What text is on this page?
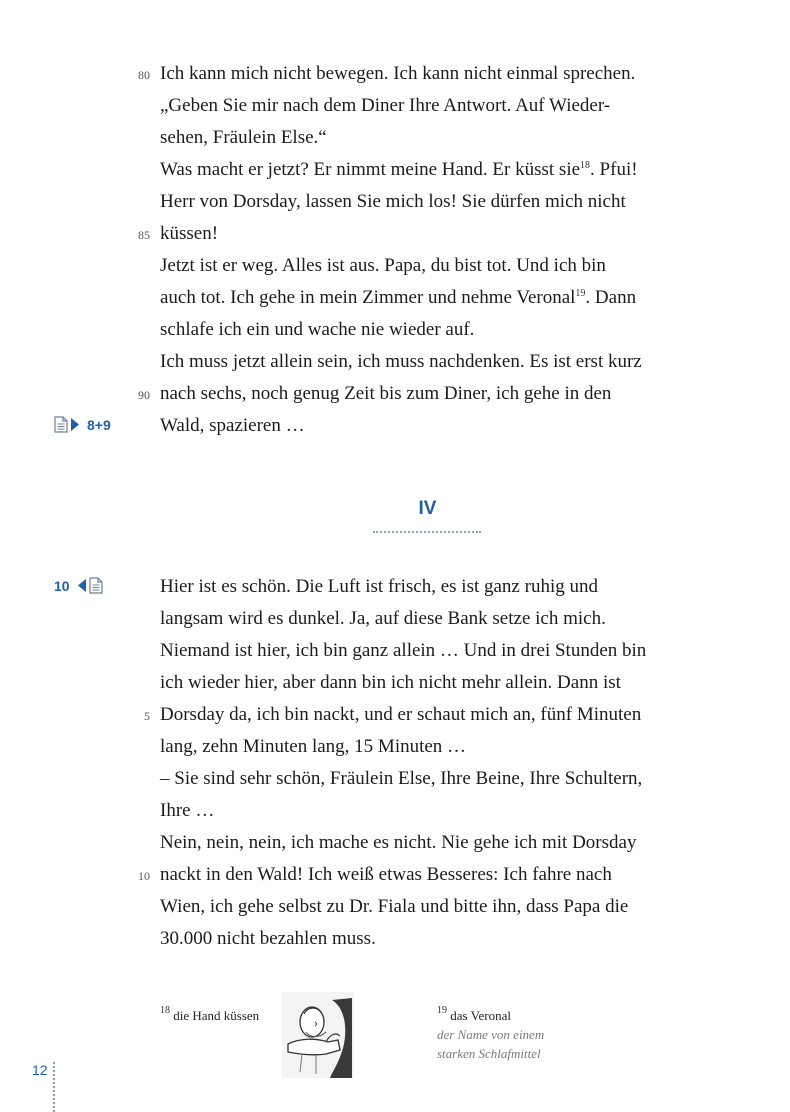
Ich kann mich nicht bewegen. Ich kann nicht einmal sprechen.
„Geben Sie mir nach dem Diner Ihre Antwort. Auf Wieder-
sehen, Fräulein Else.“
Was macht er jetzt? Er nimmt meine Hand. Er küsst sie$^{18}$. Pfui!
Herr von Dorsday, lassen Sie mich los! Sie dürfen mich nicht
küssen!
Jetzt ist er weg. Alles ist aus. Papa, du bist tot. Und ich bin
auch tot. Ich gehe in mein Zimmer und nehme Veronal$^{19}$. Dann
schlafe ich ein und wache nie wieder auf.
Ich muss jetzt allein sein, ich muss nachdenken. Es ist erst kurz
nach sechs, noch genug Zeit bis zum Diner, ich gehe in den
Wald, spazieren …
80
85
90
8+9
IV
10	Hier ist es schön. Die Luft ist frisch, es ist ganz ruhig und
langsam wird es dunkel. Ja, auf diese Bank setze ich mich.
Niemand ist hier, ich bin ganz allein … Und in drei Stunden bin
ich wieder hier, aber dann bin ich nicht mehr allein. Dann ist
Dorsday da, ich bin nackt, und er schaut mich an, fünf Minuten
lang, zehn Minuten lang, 15 Minuten …
– Sie sind sehr schön, Fräulein Else, Ihre Beine, Ihre Schultern,
Ihre …
Nein, nein, nein, ich mache es nicht. Nie gehe ich mit Dorsday
nackt in den Wald! Ich weiß etwas Besseres: Ich fahre nach
Wien, ich gehe selbst zu Dr. Fiala und bitte ihn, dass Papa die
30.000 nicht bezahlen muss.
5
10
$^{18}$ die Hand küssen	$^{19}$ das Veronal
der Name von einem
starken Schlafmittel
12
